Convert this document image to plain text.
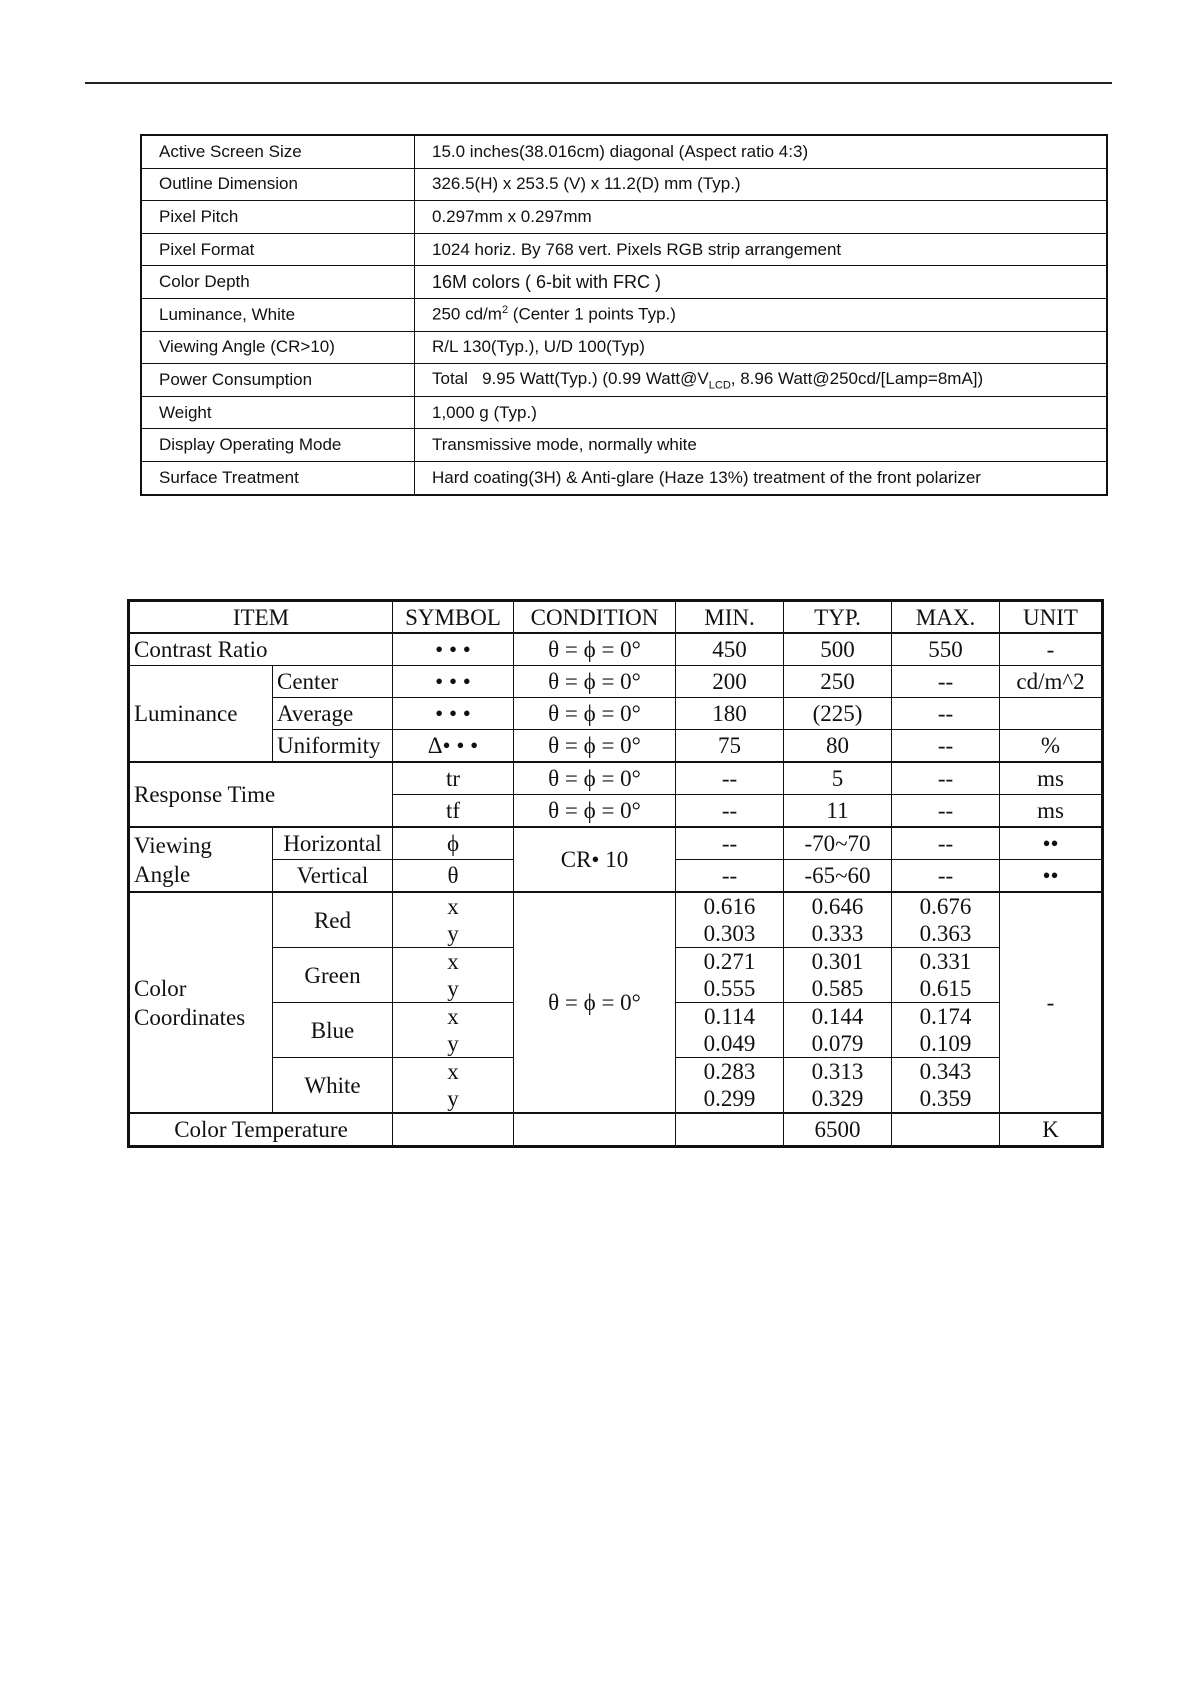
Active Screen Size	15.0 inches(38.016cm) diagonal (Aspect ratio 4:3)
Outline Dimension	326.5(H) x 253.5 (V) x 11.2(D) mm (Typ.)
Pixel Pitch	0.297mm x 0.297mm
Pixel Format	1024 horiz. By 768 vert. Pixels RGB strip arrangement
Color Depth	16M colors ( 6-bit with FRC )
Luminance, White	250 $cd/m^2$ (Center 1 points Typ.)
Viewing Angle (CR>10)	R/L 130(Typ.), U/D 100(Typ)
Power Consumption	Total   9.95 Watt(Typ.) (0.99 $Watt@V_{LCD}$, 8.96 Watt@250cd/[Lamp=8mA])
Weight	1,000 g (Typ.)
Display Operating Mode	Transmissive mode, normally white
Surface Treatment	Hard coating(3H) & Anti-glare (Haze 13%) treatment of the front polarizer
ITEM		SYMBOL	CONDITION	MIN.	TYP.	MAX.	UNIT
Contrast Ratio		• • •	θ = ϕ = 0°	450	500	550	-
Luminance	Center	• • •	θ = ϕ = 0°	200	250	--	cd/m^2
	Average	• • •	θ = ϕ = 0°	180	(225)	--	
	Uniformity	Δ• • •	θ = ϕ = 0°	75	80	--	%
Response Time		tr	θ = ϕ = 0°	--	5	--	ms
		tf	θ = ϕ = 0°	--	11	--	ms
Viewing
Angle	Horizontal	ϕ	CR• 10	--	-70~70	--	••
	Vertical	θ		--	-65~60	--	••
Color
Coordinates	Red	x	θ = ϕ = 0°	0.616	0.646	0.676	-
		y		0.303	0.333	0.363	
	Green	x		0.271	0.301	0.331	
		y		0.555	0.585	0.615	
	Blue	x		0.114	0.144	0.174	
		y		0.049	0.079	0.109	
	White	x		0.283	0.313	0.343	
		y		0.299	0.329	0.359	
Color Temperature					6500		K
